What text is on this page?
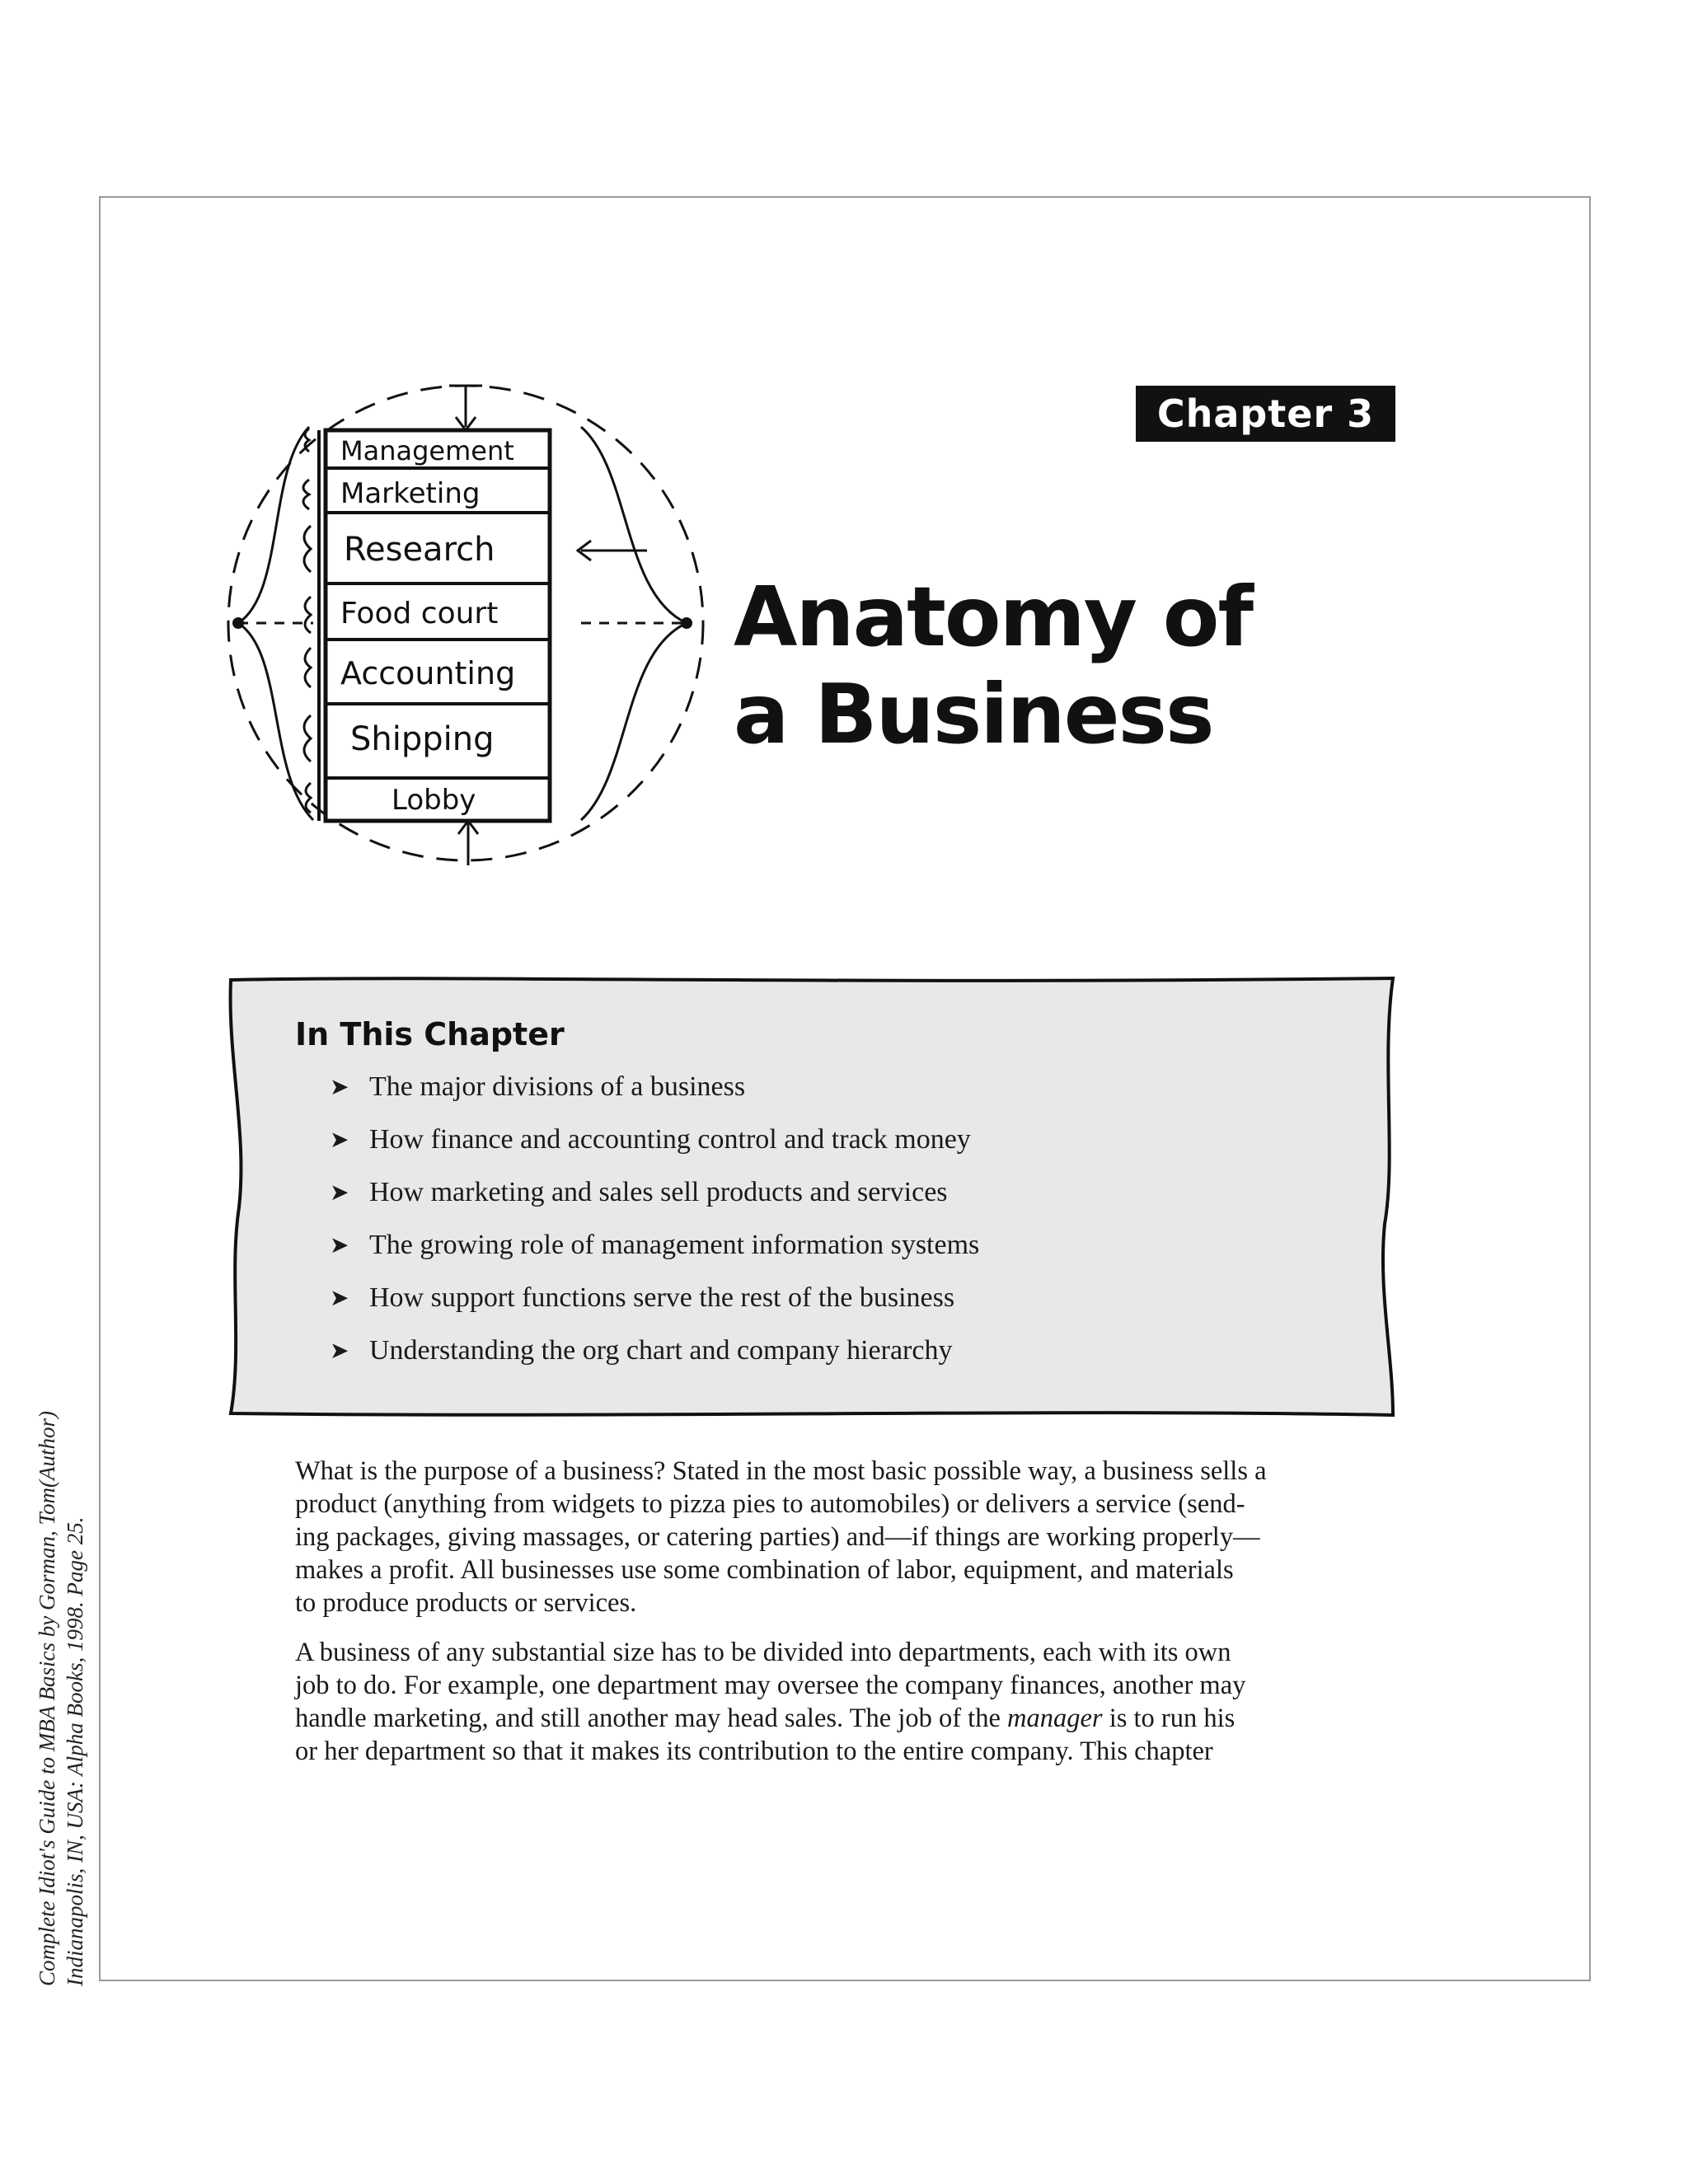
Complete Idiot's Guide to MBA Basics by Gorman, Tom(Author) Indianapolis, IN, USA: Alpha Books, 1998. Page 25.
Management
Marketing
Research
Food court
Accounting
Shipping
Lobby
Chapter 3
Anatomy of
a Business
In This Chapter
➤ The major divisions of a business
➤ How finance and accounting control and track money
➤ How marketing and sales sell products and services
➤ The growing role of management information systems
➤ How support functions serve the rest of the business
➤ Understanding the org chart and company hierarchy

What is the purpose of a business? Stated in the most basic possible way, a business sells a
product (anything from widgets to pizza pies to automobiles) or delivers a service (send-
ing packages, giving massages, or catering parties) and—if things are working properly—
makes a profit. All businesses use some combination of labor, equipment, and materials
to produce products or services.

A business of any substantial size has to be divided into departments, each with its own
job to do. For example, one department may oversee the company finances, another may
handle marketing, and still another may head sales. The job of the manager is to run his
or her department so that it makes its contribution to the entire company. This chapter
